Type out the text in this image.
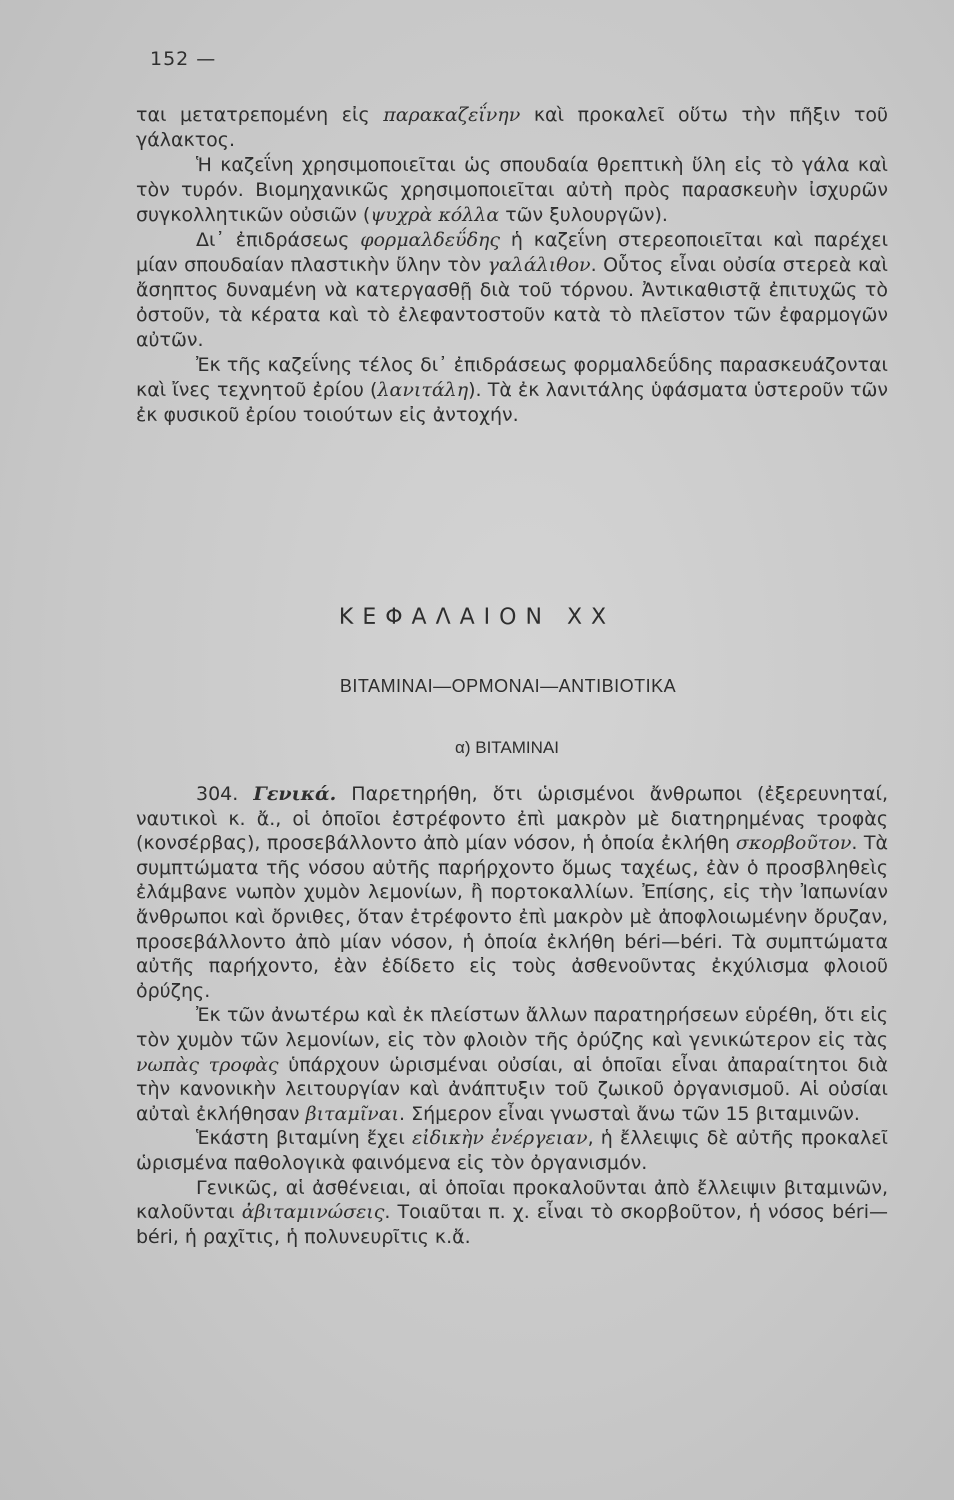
152 —

ται μετατρεπομένη εἰς παρακαζεΐνην καὶ προκαλεῖ οὕτω τὴν πῆξιν τοῦ γάλακτος.

Ἡ καζεΐνη χρησιμοποιεῖται ὡς σπουδαία θρεπτικὴ ὕλη εἰς τὸ γάλα καὶ τὸν τυρόν. Βιομηχανικῶς χρησιμοποιεῖται αὐτὴ πρὸς παρασκευὴν ἰσχυρῶν συγκολλητικῶν οὐσιῶν (ψυχρὰ κόλλα τῶν ξυλουργῶν).

Δι᾿ ἐπιδράσεως φορμαλδεΰδης ἡ καζεΐνη στερεοποιεῖται καὶ παρέχει μίαν σπουδαίαν πλαστικὴν ὕλην τὸν γαλάλιθον. Οὗτος εἶναι οὐσία στερεὰ καὶ ἄσηπτος δυναμένη νὰ κατεργασθῇ διὰ τοῦ τόρνου. Ἀντικαθιστᾷ ἐπιτυχῶς τὸ ὀστοῦν, τὰ κέρατα καὶ τὸ ἐλεφαντοστοῦν κατὰ τὸ πλεῖστον τῶν ἐφαρμογῶν αὐτῶν.

Ἐκ τῆς καζεΐνης τέλος δι᾿ ἐπιδράσεως φορμαλδεΰδης παρασκευάζονται καὶ ἴνες τεχνητοῦ ἐρίου (λανιτάλη). Τὰ ἐκ λανιτάλης ὑφάσματα ὑστεροῦν τῶν ἐκ φυσικοῦ ἐρίου τοιούτων εἰς ἀντοχήν.

ΚΕΦΑΛΑΙΟΝ ΧΧ
ΒΙΤΑΜΙΝΑΙ—ΟΡΜΟΝΑΙ—ΑΝΤΙΒΙΟΤΙΚΑ
α) ΒΙΤΑΜΙΝΑΙ

304. Γενικά. Παρετηρήθη, ὅτι ὡρισμένοι ἄνθρωποι (ἐξερευνηταί, ναυτικοὶ κ. ἄ., οἱ ὁποῖοι ἐστρέφοντο ἐπὶ μακρὸν μὲ διατηρημένας τροφὰς (κονσέρβας), προσεβάλλοντο ἀπὸ μίαν νόσον, ἡ ὁποία ἐκλήθη σκορβοῦτον. Τὰ συμπτώματα τῆς νόσου αὐτῆς παρήρχοντο ὅμως ταχέως, ἐὰν ὁ προσβληθεὶς ἐλάμβανε νωπὸν χυμὸν λεμονίων, ἢ πορτοκαλλίων. Ἐπίσης, εἰς τὴν Ἰαπωνίαν ἄνθρωποι καὶ ὄρνιθες, ὅταν ἐτρέφοντο ἐπὶ μακρὸν μὲ ἀποφλοιωμένην ὄρυζαν, προσεβάλλοντο ἀπὸ μίαν νόσον, ἡ ὁποία ἐκλήθη béri—béri. Τὰ συμπτώματα αὐτῆς παρήχοντο, ἐὰν ἐδίδετο εἰς τοὺς ἀσθενοῦντας ἐκχύλισμα φλοιοῦ ὀρύζης.

Ἐκ τῶν ἀνωτέρω καὶ ἐκ πλείστων ἄλλων παρατηρήσεων εὑρέθη, ὅτι εἰς τὸν χυμὸν τῶν λεμονίων, εἰς τὸν φλοιὸν τῆς ὀρύζης καὶ γενικώτερον εἰς τὰς νωπὰς τροφὰς ὑπάρχουν ὡρισμέναι οὐσίαι, αἱ ὁποῖαι εἶναι ἀπαραίτητοι διὰ τὴν κανονικὴν λειτουργίαν καὶ ἀνάπτυξιν τοῦ ζωικοῦ ὀργανισμοῦ. Αἱ οὐσίαι αὐταὶ ἐκλήθησαν βιταμῖναι. Σήμερον εἶναι γνωσταὶ ἄνω τῶν 15 βιταμινῶν.

Ἑκάστη βιταμίνη ἔχει εἰδικὴν ἐνέργειαν, ἡ ἔλλειψις δὲ αὐτῆς προκαλεῖ ὡρισμένα παθολογικὰ φαινόμενα εἰς τὸν ὀργανισμόν.

Γενικῶς, αἱ ἀσθένειαι, αἱ ὁποῖαι προκαλοῦνται ἀπὸ ἔλλειψιν βιταμινῶν, καλοῦνται ἀβιταμινώσεις. Τοιαῦται π. χ. εἶναι τὸ σκορβοῦτον, ἡ νόσος béri—béri, ἡ ραχῖτις, ἡ πολυνευρῖτις κ.ἄ.
